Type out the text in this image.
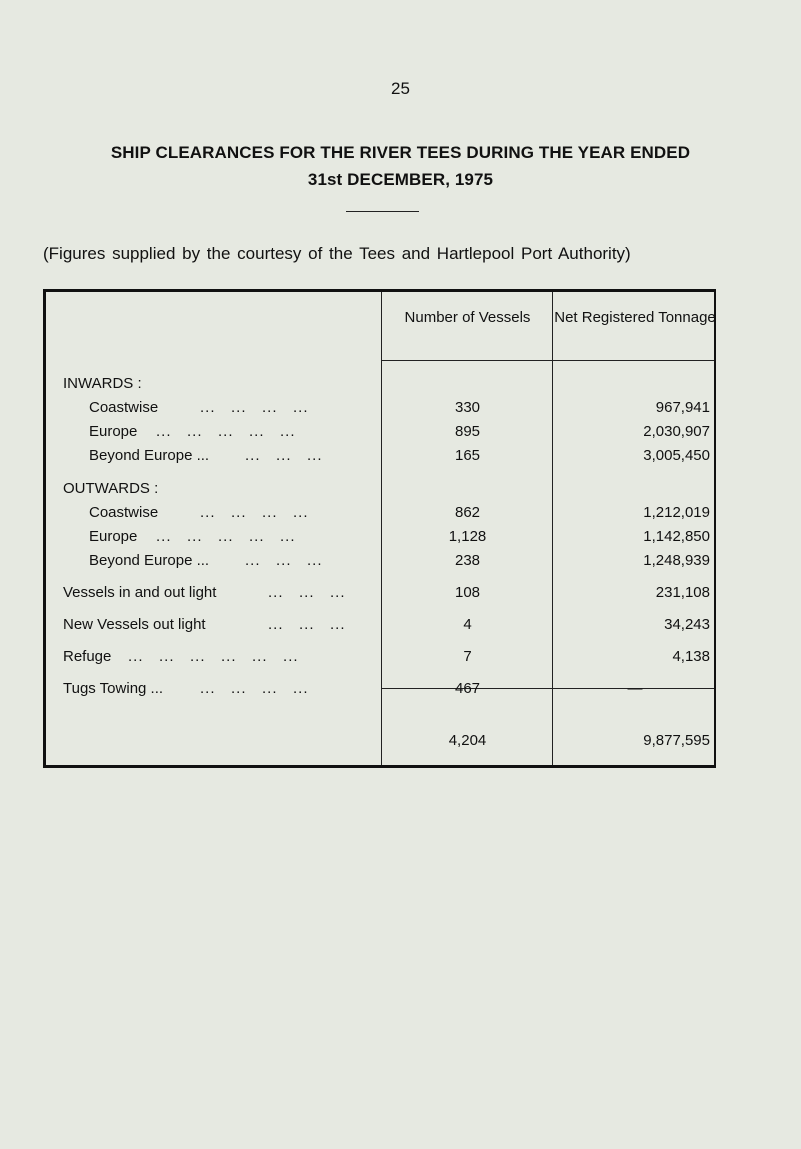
25
SHIP CLEARANCES FOR THE RIVER TEES DURING THE YEAR ENDED
31st DECEMBER, 1975
(Figures supplied by the courtesy of the Tees and Hartlepool Port Authority)
Number of Vessels	Net Registered Tonnage
INWARDS :
Coastwise	...   ...   ...   ...	330	967,941
Europe ...   ...   ...   ...   ...	895	2,030,907
Beyond Europe ... ...   ...   ...	165	3,005,450
OUTWARDS :
Coastwise	...   ...   ...   ...	862	1,212,019
Europe ...   ...   ...   ...   ...	1,128	1,142,850
Beyond Europe ... ...   ...   ...	238	1,248,939
Vessels in and out light	...   ...   ...	108	231,108
New Vessels out light	...   ...   ...	4	34,243
Refuge ...   ...   ...   ...   ...   ...	7	4,138
Tugs Towing ... ...   ...   ...   ...	467	—
4,204	9,877,595
